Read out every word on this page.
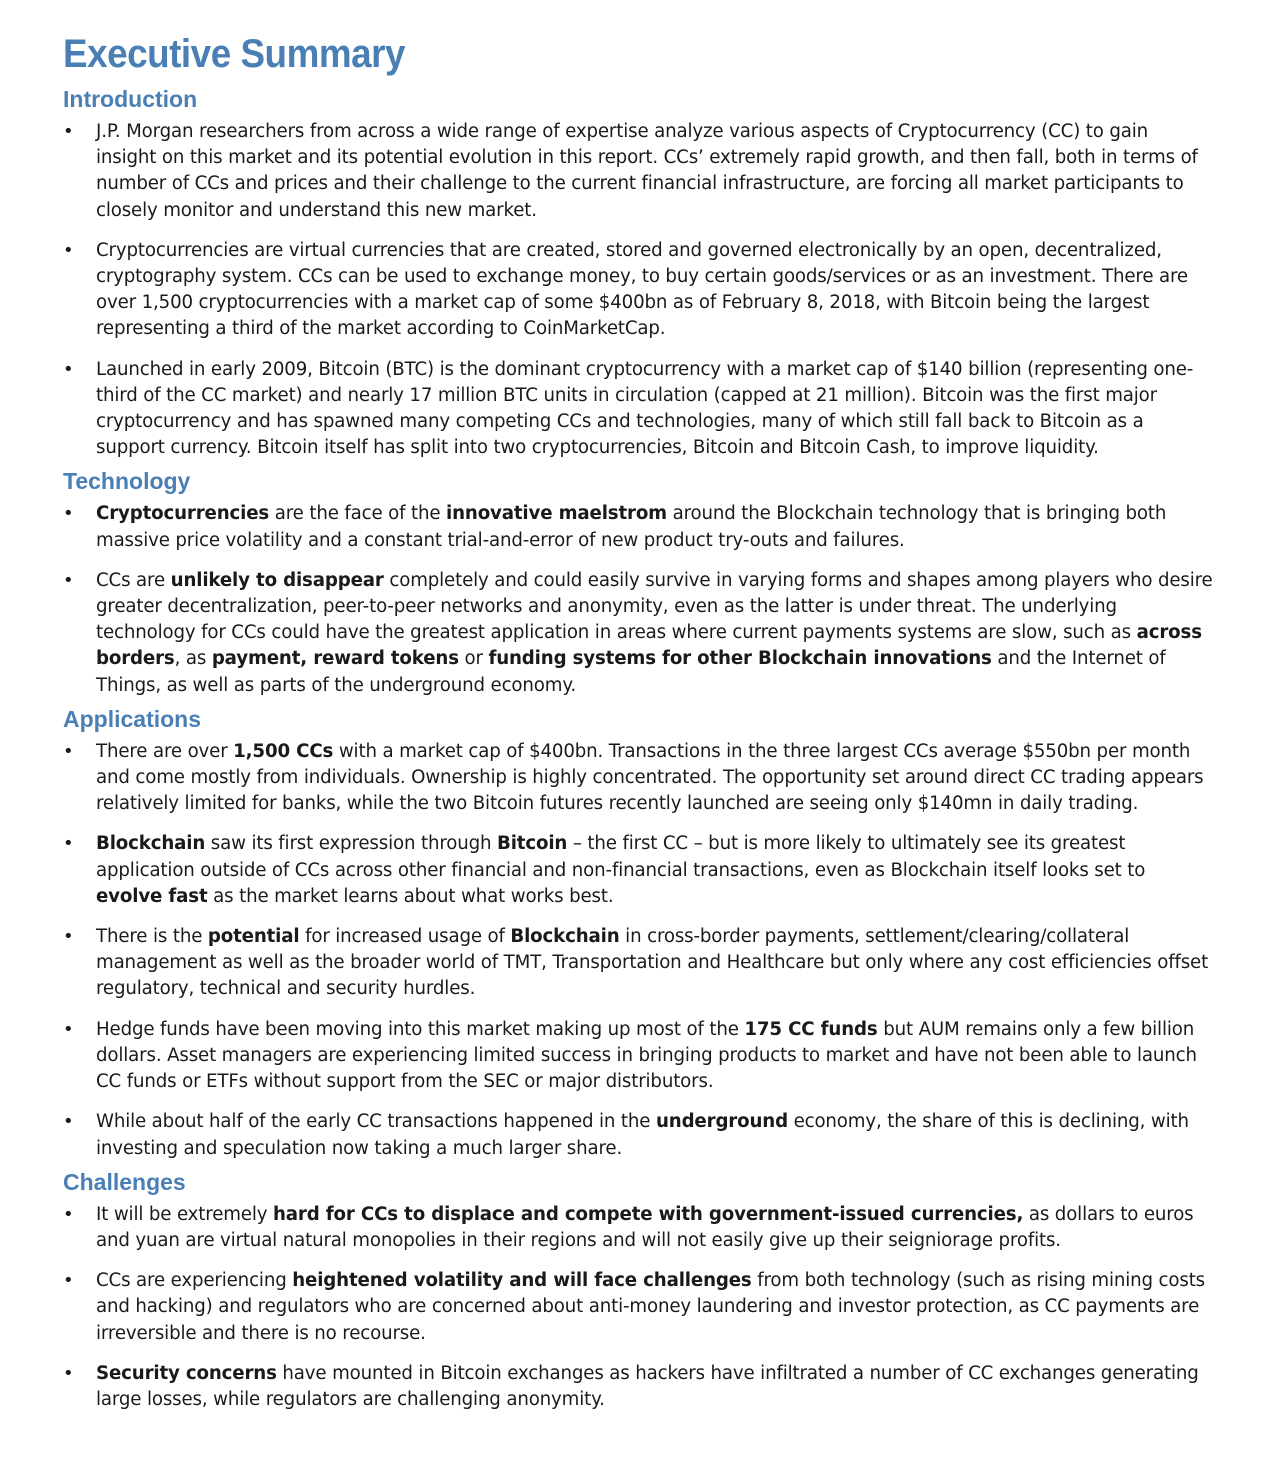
Executive Summary
Introduction
• J.P. Morgan researchers from across a wide range of expertise analyze various aspects of Cryptocurrency (CC) to gain insight on this market and its potential evolution in this report. CCs’ extremely rapid growth, and then fall, both in terms of number of CCs and prices and their challenge to the current financial infrastructure, are forcing all market participants to closely monitor and understand this new market.
• Cryptocurrencies are virtual currencies that are created, stored and governed electronically by an open, decentralized, cryptography system. CCs can be used to exchange money, to buy certain goods/services or as an investment. There are over 1,500 cryptocurrencies with a market cap of some $400bn as of February 8, 2018, with Bitcoin being the largest representing a third of the market according to CoinMarketCap.
• Launched in early 2009, Bitcoin (BTC) is the dominant cryptocurrency with a market cap of $140 billion (representing one-third of the CC market) and nearly 17 million BTC units in circulation (capped at 21 million). Bitcoin was the first major cryptocurrency and has spawned many competing CCs and technologies, many of which still fall back to Bitcoin as a support currency. Bitcoin itself has split into two cryptocurrencies, Bitcoin and Bitcoin Cash, to improve liquidity.
Technology
• Cryptocurrencies are the face of the innovative maelstrom around the Blockchain technology that is bringing both massive price volatility and a constant trial-and-error of new product try-outs and failures.
• CCs are unlikely to disappear completely and could easily survive in varying forms and shapes among players who desire greater decentralization, peer-to-peer networks and anonymity, even as the latter is under threat. The underlying technology for CCs could have the greatest application in areas where current payments systems are slow, such as across borders, as payment, reward tokens or funding systems for other Blockchain innovations and the Internet of Things, as well as parts of the underground economy.
Applications
• There are over 1,500 CCs with a market cap of $400bn. Transactions in the three largest CCs average $550bn per month and come mostly from individuals. Ownership is highly concentrated. The opportunity set around direct CC trading appears relatively limited for banks, while the two Bitcoin futures recently launched are seeing only $140mn in daily trading.
• Blockchain saw its first expression through Bitcoin – the first CC – but is more likely to ultimately see its greatest application outside of CCs across other financial and non-financial transactions, even as Blockchain itself looks set to evolve fast as the market learns about what works best.
• There is the potential for increased usage of Blockchain in cross-border payments, settlement/clearing/collateral management as well as the broader world of TMT, Transportation and Healthcare but only where any cost efficiencies offset regulatory, technical and security hurdles.
• Hedge funds have been moving into this market making up most of the 175 CC funds but AUM remains only a few billion dollars. Asset managers are experiencing limited success in bringing products to market and have not been able to launch CC funds or ETFs without support from the SEC or major distributors.
• While about half of the early CC transactions happened in the underground economy, the share of this is declining, with investing and speculation now taking a much larger share.
Challenges
• It will be extremely hard for CCs to displace and compete with government-issued currencies, as dollars to euros and yuan are virtual natural monopolies in their regions and will not easily give up their seigniorage profits.
• CCs are experiencing heightened volatility and will face challenges from both technology (such as rising mining costs and hacking) and regulators who are concerned about anti-money laundering and investor protection, as CC payments are irreversible and there is no recourse.
• Security concerns have mounted in Bitcoin exchanges as hackers have infiltrated a number of CC exchanges generating large losses, while regulators are challenging anonymity.
